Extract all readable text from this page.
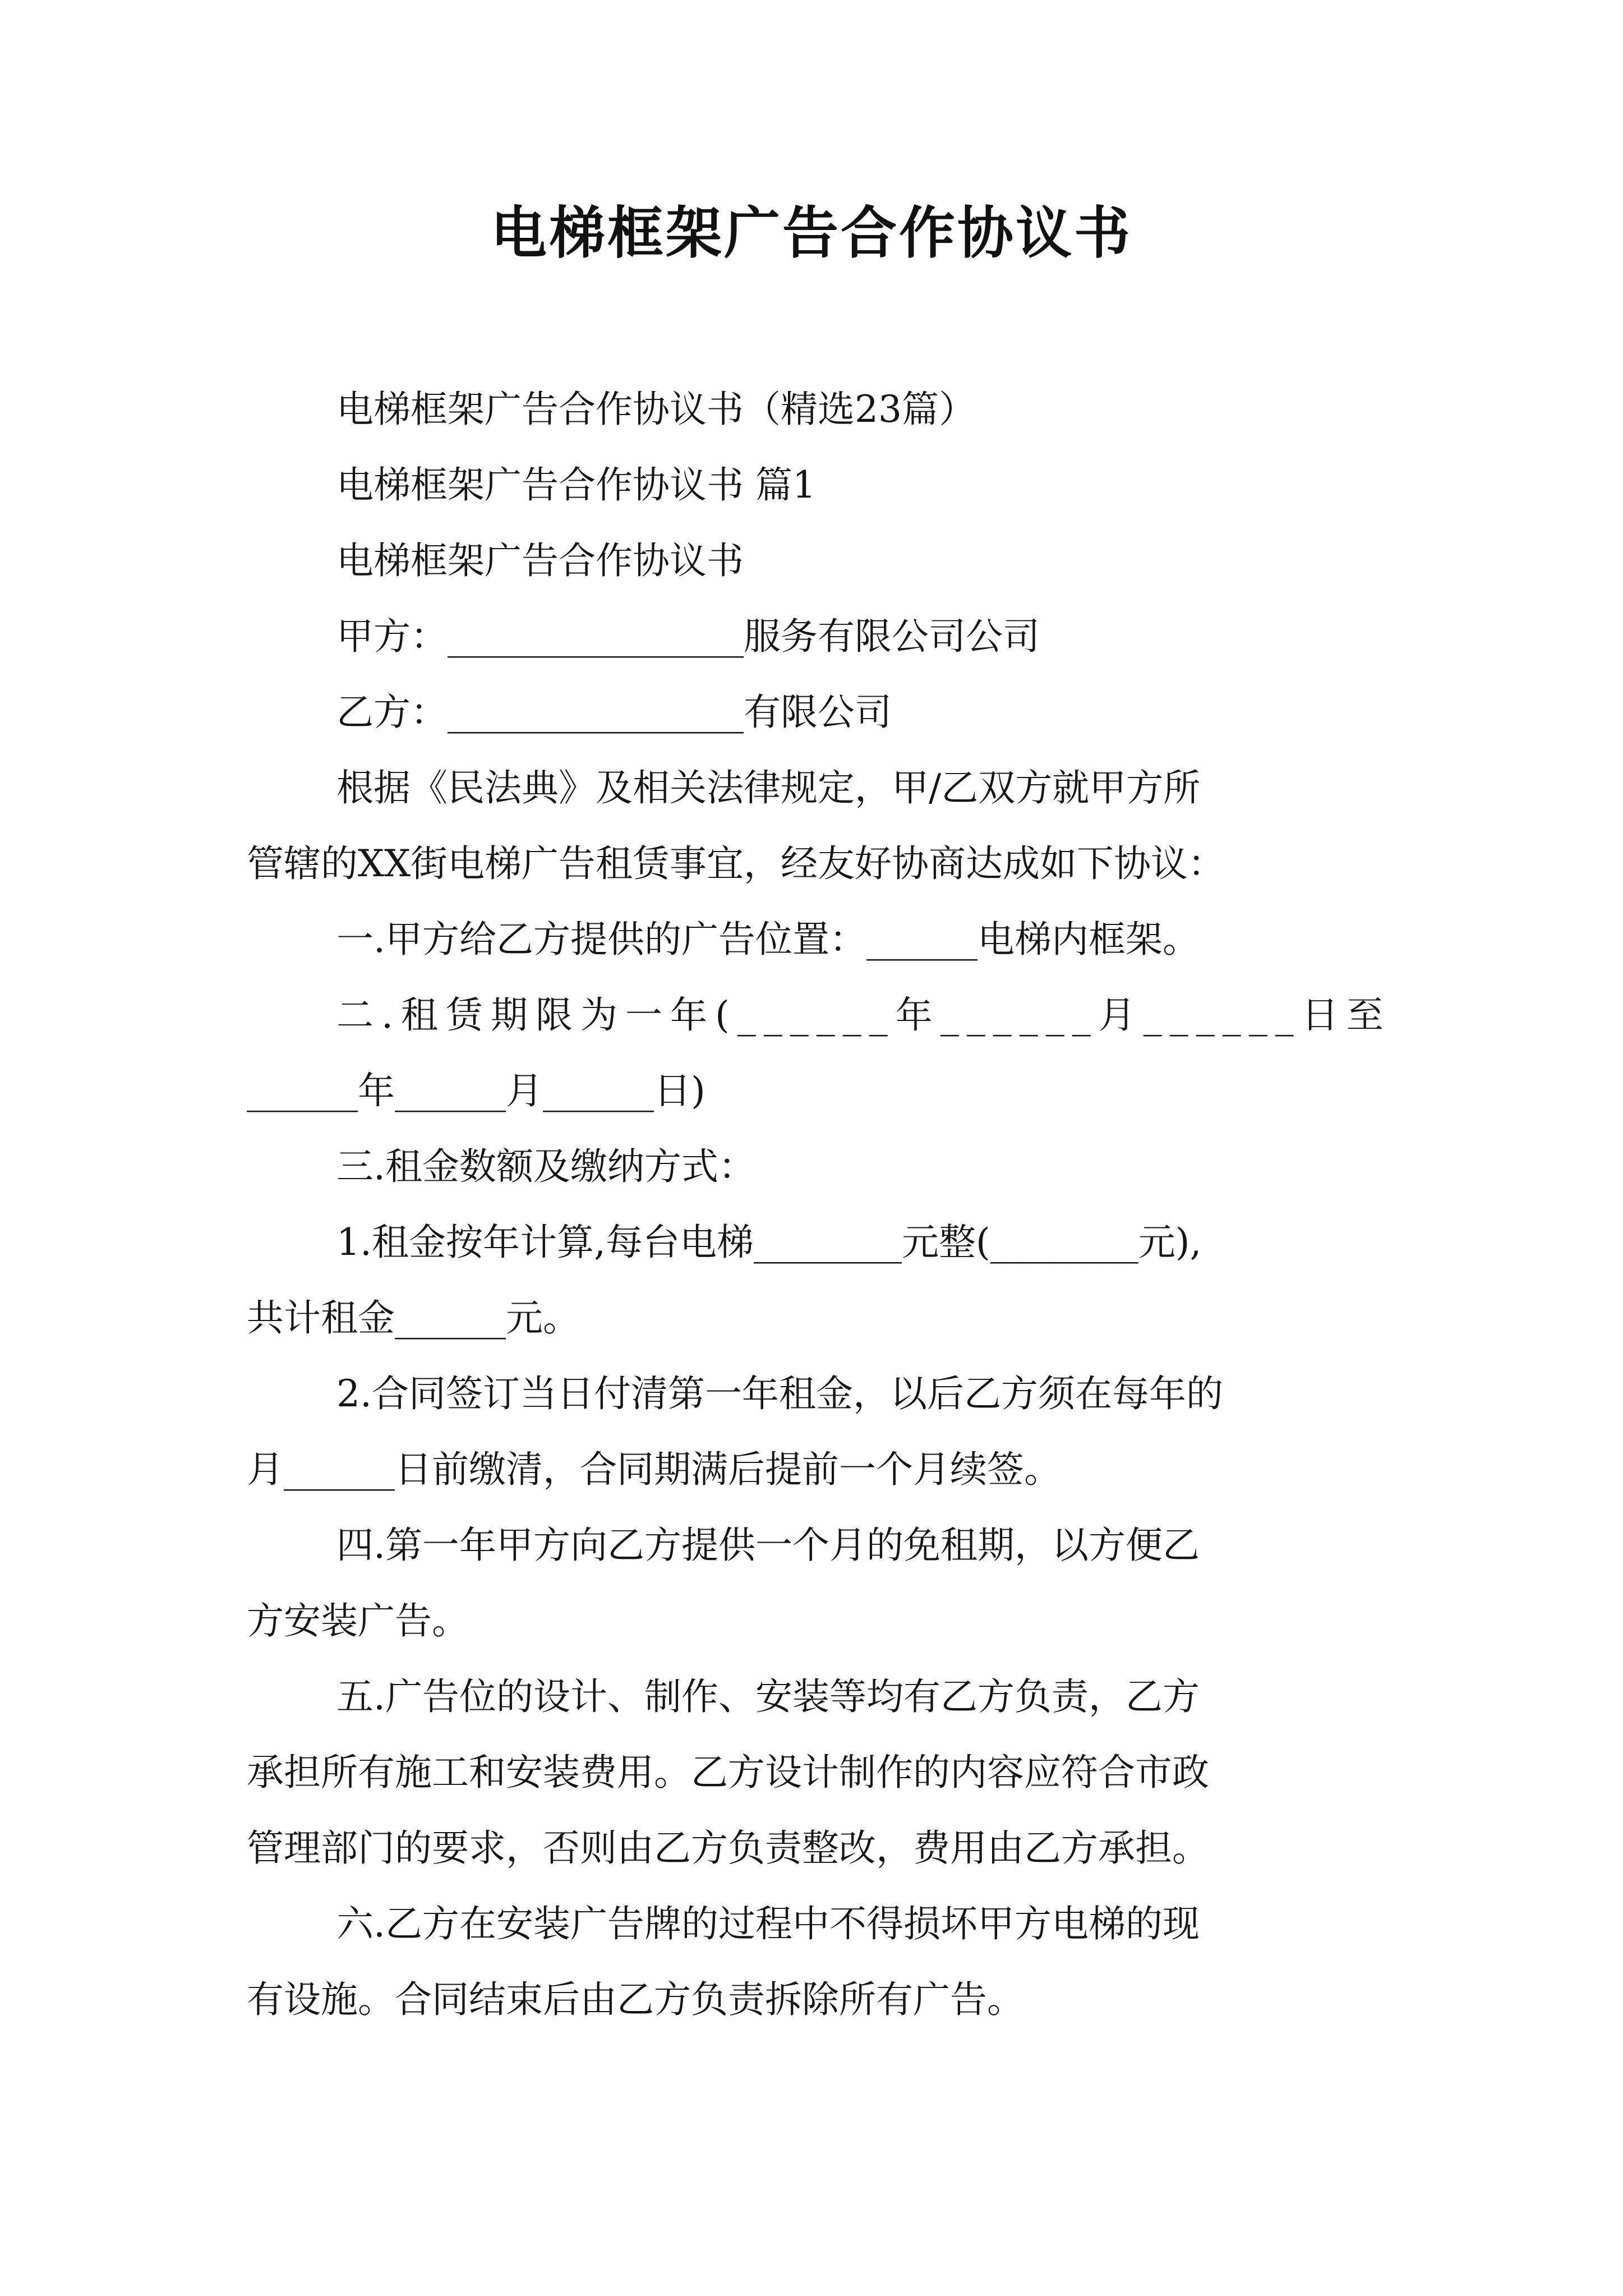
电梯框架广告合作协议书
电梯框架广告合作协议书（精选23篇）
电梯框架广告合作协议书 篇1
电梯框架广告合作协议书
甲方：________________服务有限公司公司
乙方：________________有限公司
根据《民法典》及相关法律规定，甲/乙双方就甲方所
管辖的XX街电梯广告租赁事宜，经友好协商达成如下协议：
一.甲方给乙方提供的广告位置：______电梯内框架。
二.租赁期限为一年(______年______月______日至
______年______月______日)
三.租金数额及缴纳方式：
1.租金按年计算,每台电梯________元整(________元),
共计租金______元。
2.合同签订当日付清第一年租金，以后乙方须在每年的
月______日前缴清，合同期满后提前一个月续签。
四.第一年甲方向乙方提供一个月的免租期，以方便乙
方安装广告。
五.广告位的设计、制作、安装等均有乙方负责，乙方
承担所有施工和安装费用。乙方设计制作的内容应符合市政
管理部门的要求，否则由乙方负责整改，费用由乙方承担。
六.乙方在安装广告牌的过程中不得损坏甲方电梯的现
有设施。合同结束后由乙方负责拆除所有广告。
